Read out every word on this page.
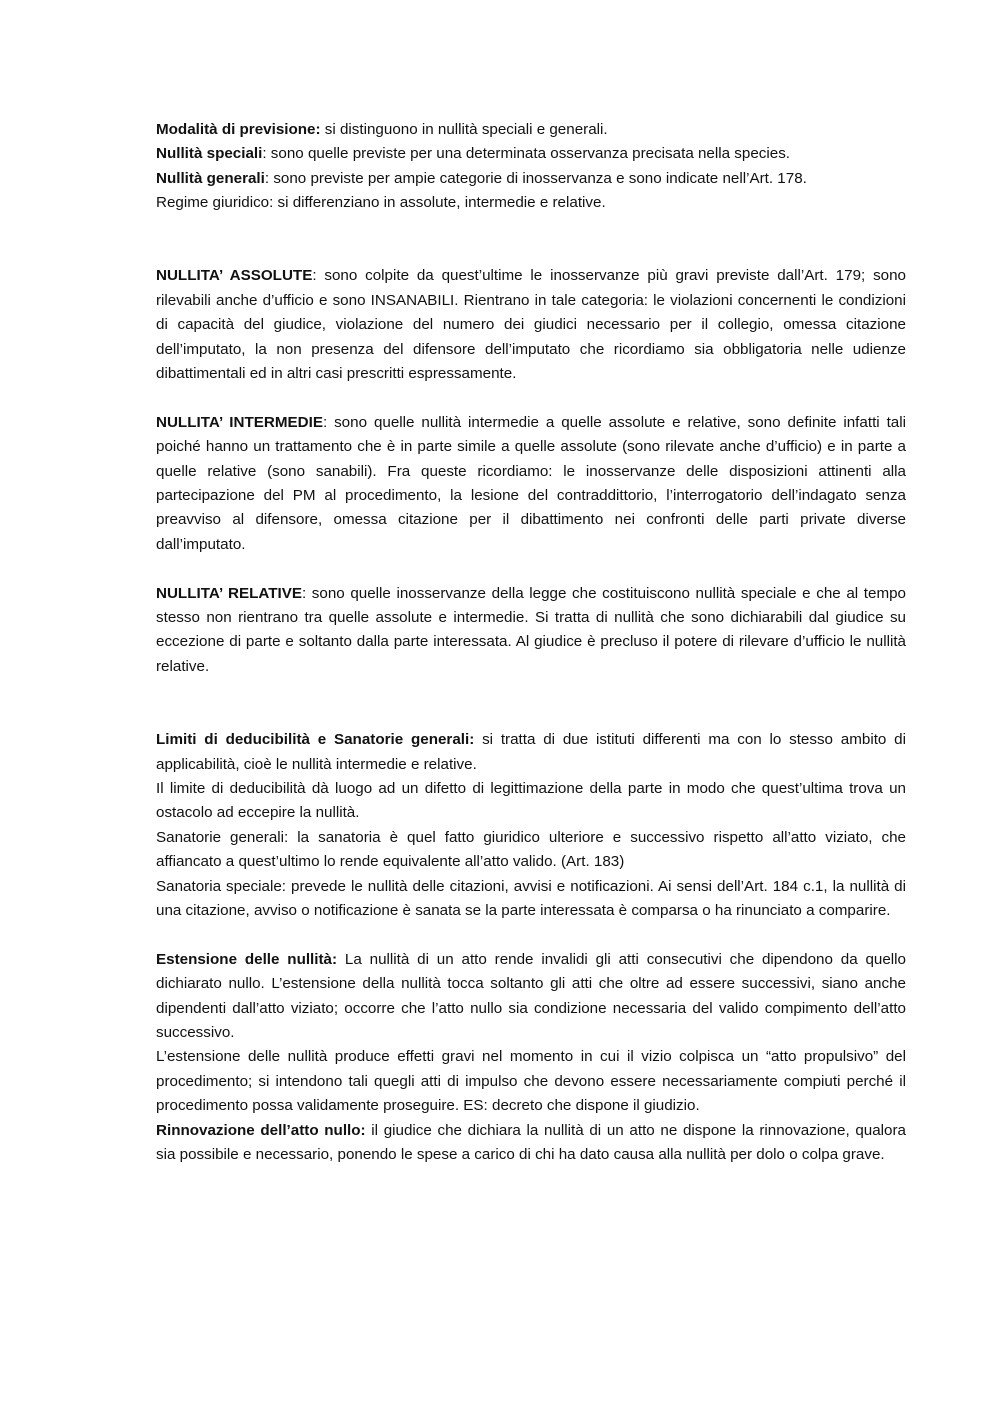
Modalità di previsione: si distinguono in nullità speciali e generali.

Nullità speciali: sono quelle previste per una determinata osservanza precisata nella species.

Nullità generali: sono previste per ampie categorie di inosservanza e sono indicate nell’Art. 178.

Regime giuridico: si differenziano in assolute, intermedie e relative.

NULLITA’ ASSOLUTE: sono colpite da quest’ultime le inosservanze più gravi previste dall’Art. 179; sono rilevabili anche d’ufficio e sono INSANABILI. Rientrano in tale categoria: le violazioni concernenti le condizioni di capacità del giudice, violazione del numero dei giudici necessario per il collegio, omessa citazione dell’imputato, la non presenza del difensore dell’imputato che ricordiamo sia obbligatoria nelle udienze dibattimentali ed in altri casi prescritti espressamente.

NULLITA’ INTERMEDIE: sono quelle nullità intermedie a quelle assolute e relative, sono definite infatti tali poiché hanno un trattamento che è in parte simile a quelle assolute (sono rilevate anche d’ufficio) e in parte a quelle relative (sono sanabili). Fra queste ricordiamo: le inosservanze delle disposizioni attinenti alla partecipazione del PM al procedimento, la lesione del contraddittorio, l’interrogatorio dell’indagato senza preavviso al difensore, omessa citazione per il dibattimento nei confronti delle parti private diverse dall’imputato.

NULLITA’ RELATIVE: sono quelle inosservanze della legge che costituiscono nullità speciale e che al tempo stesso non rientrano tra quelle assolute e intermedie. Si tratta di nullità che sono dichiarabili dal giudice su eccezione di parte e soltanto dalla parte interessata. Al giudice è precluso il potere di rilevare d’ufficio le nullità relative.

Limiti di deducibilità e Sanatorie generali: si tratta di due istituti differenti ma con lo stesso ambito di applicabilità, cioè le nullità intermedie e relative.

Il limite di deducibilità dà luogo ad un difetto di legittimazione della parte in modo che quest’ultima trova un ostacolo ad eccepire la nullità.

Sanatorie generali: la sanatoria è quel fatto giuridico ulteriore e successivo rispetto all’atto viziato, che affiancato a quest’ultimo lo rende equivalente all’atto valido. (Art. 183)

Sanatoria speciale: prevede le nullità delle citazioni, avvisi e notificazioni. Ai sensi dell’Art. 184 c.1, la nullità di una citazione, avviso o notificazione è sanata se la parte interessata è comparsa o ha rinunciato a comparire.

Estensione delle nullità: La nullità di un atto rende invalidi gli atti consecutivi che dipendono da quello dichiarato nullo. L’estensione della nullità tocca soltanto gli atti che oltre ad essere successivi, siano anche dipendenti dall’atto viziato; occorre che l’atto nullo sia condizione necessaria del valido compimento dell’atto successivo.

L’estensione delle nullità produce effetti gravi nel momento in cui il vizio colpisca un “atto propulsivo” del procedimento; si intendono tali quegli atti di impulso che devono essere necessariamente compiuti perché il procedimento possa validamente proseguire. ES: decreto che dispone il giudizio.

Rinnovazione dell’atto nullo: il giudice che dichiara la nullità di un atto ne dispone la rinnovazione, qualora sia possibile e necessario, ponendo le spese a carico di chi ha dato causa alla nullità per dolo o colpa grave.
